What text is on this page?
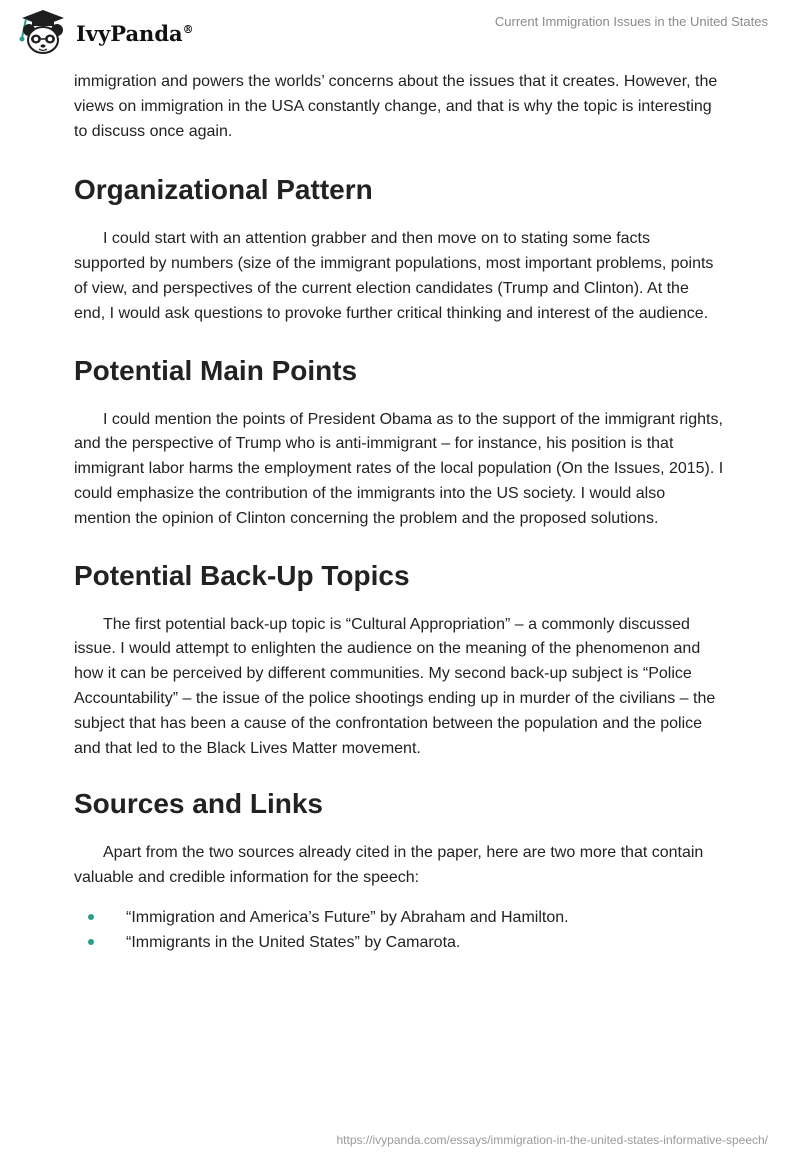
IvyPanda®	Current Immigration Issues in the United States

immigration and powers the worlds’ concerns about the issues that it creates. However, the views on immigration in the USA constantly change, and that is why the topic is interesting to discuss once again.

Organizational Pattern

I could start with an attention grabber and then move on to stating some facts supported by numbers (size of the immigrant populations, most important problems, points of view, and perspectives of the current election candidates (Trump and Clinton). At the end, I would ask questions to provoke further critical thinking and interest of the audience.

Potential Main Points

I could mention the points of President Obama as to the support of the immigrant rights, and the perspective of Trump who is anti-immigrant – for instance, his position is that immigrant labor harms the employment rates of the local population (On the Issues, 2015). I could emphasize the contribution of the immigrants into the US society. I would also mention the opinion of Clinton concerning the problem and the proposed solutions.

Potential Back-Up Topics

The first potential back-up topic is “Cultural Appropriation” – a commonly discussed issue. I would attempt to enlighten the audience on the meaning of the phenomenon and how it can be perceived by different communities. My second back-up subject is “Police Accountability” – the issue of the police shootings ending up in murder of the civilians – the subject that has been a cause of the confrontation between the population and the police and that led to the Black Lives Matter movement.

Sources and Links

Apart from the two sources already cited in the paper, here are two more that contain valuable and credible information for the speech:

“Immigration and America’s Future” by Abraham and Hamilton.
“Immigrants in the United States” by Camarota.
https://ivypanda.com/essays/immigration-in-the-united-states-informative-speech/
